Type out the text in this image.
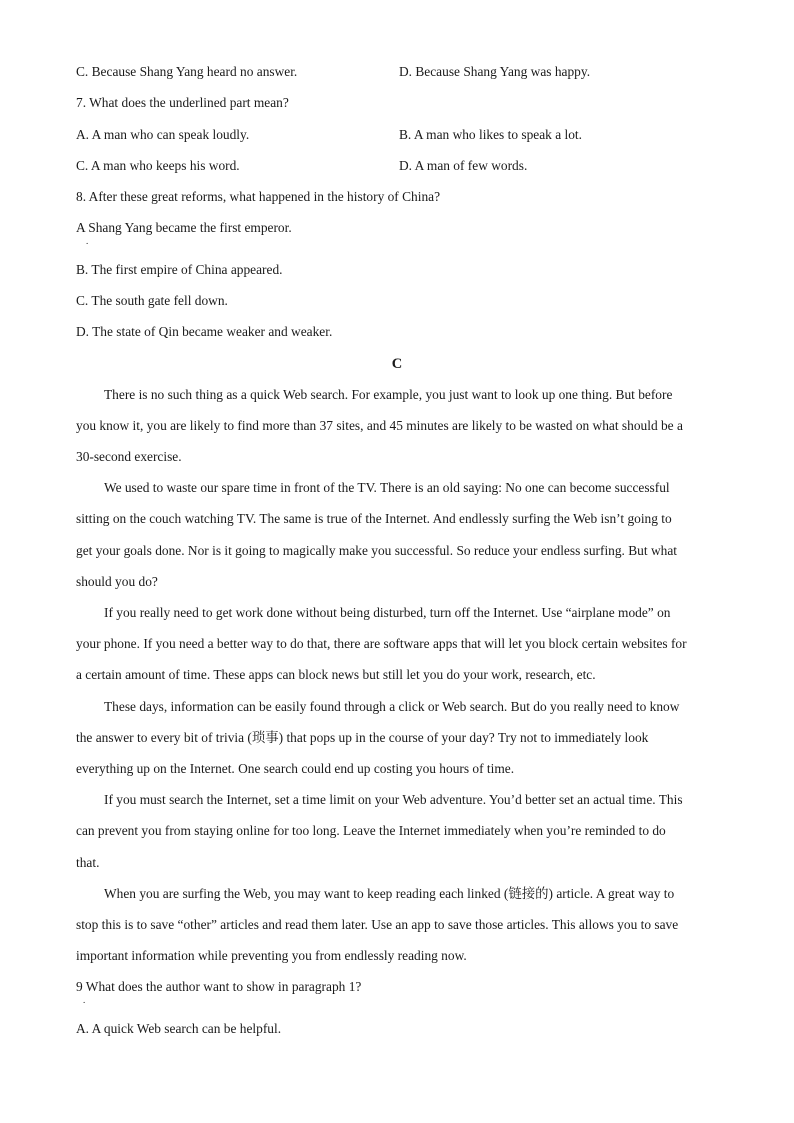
C. Because Shang Yang heard no answer.	D. Because Shang Yang was happy.
7. What does the underlined part mean?
A. A man who can speak loudly.	B. A man who likes to speak a lot.
C. A man who keeps his word.	D. A man of few words.
8. After these great reforms, what happened in the history of China?
A Shang Yang became the first emperor.
.
B. The first empire of China appeared.
C. The south gate fell down.
D. The state of Qin became weaker and weaker.
C
There is no such thing as a quick Web search. For example, you just want to look up one thing. But before
you know it, you are likely to find more than 37 sites, and 45 minutes are likely to be wasted on what should be a
30-second exercise.
We used to waste our spare time in front of the TV. There is an old saying: No one can become successful
sitting on the couch watching TV. The same is true of the Internet. And endlessly surfing the Web isn’t going to
get your goals done. Nor is it going to magically make you successful. So reduce your endless surfing. But what
should you do?
If you really need to get work done without being disturbed, turn off the Internet. Use “airplane mode” on
your phone. If you need a better way to do that, there are software apps that will let you block certain websites for
a certain amount of time. These apps can block news but still let you do your work, research, etc.
These days, information can be easily found through a click or Web search. But do you really need to know
the answer to every bit of trivia (琐事) that pops up in the course of your day? Try not to immediately look
everything up on the Internet. One search could end up costing you hours of time.
If you must search the Internet, set a time limit on your Web adventure. You’d better set an actual time. This
can prevent you from staying online for too long. Leave the Internet immediately when you’re reminded to do
that.
When you are surfing the Web, you may want to keep reading each linked (链接的) article. A great way to
stop this is to save “other” articles and read them later. Use an app to save those articles. This allows you to save
important information while preventing you from endlessly reading now.
9 What does the author want to show in paragraph 1?
.
A. A quick Web search can be helpful.
